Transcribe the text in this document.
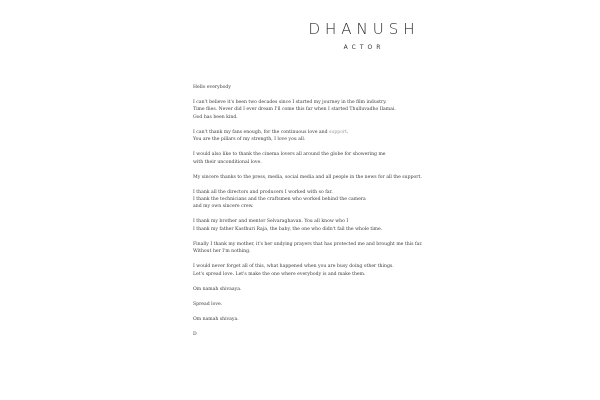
DHANUSH
ACTOR

Hello everybody

I can't believe it's been two decades since I started my journey in the film industry.
Time flies. Never did I ever dream I'll come this far when I started Thulluvadho Ilamai.
God has been kind.

I can't thank my fans enough, for the continuous love and support.
You are the pillars of my strength, I love you all.

I would also like to thank the cinema lovers all around the globe for showering me
with their unconditional love.

My sincere thanks to the press, media, social media and all people in the news for all the support.

I thank all the directors and producers I worked with so far.
I thank the technicians and the craftsmen who worked behind the camera
and my own sincere crew.

I thank my brother and mentor Selvaraghavan. You all know who I
I thank my father Kasthuri Raja, the baby, the one who didn't fail the whole time.

Finally I thank my mother, it's her undying prayers that has protected me and brought me this far.
Without her I'm nothing.

I would never forget all of this, what happened when you are busy doing other things.
Let's spread love. Let's make the one where everybody is and make them.

Om namah shivaaya.

Spread love.

Om namah shivaya.

D
